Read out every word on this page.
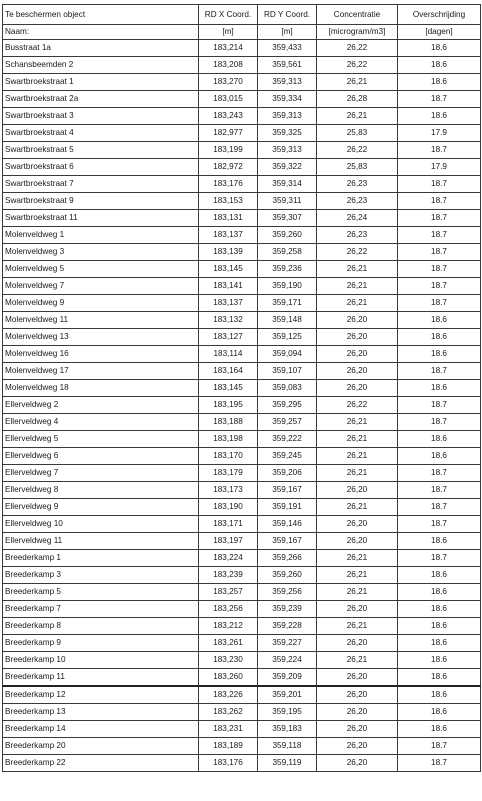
Te beschermen object	RD X Coord.	RD Y Coord.	Concentratie	Overschrijding
Naam:	[m]	[m]	[microgram/m3]	[dagen]
Busstraat 1a	183,214	359,433	26,22	18.6
Schansbeemden 2	183,208	359,561	26,22	18.6
Swartbroekstraat 1	183,270	359,313	26,21	18.6
Swartbroekstraat 2a	183,015	359,334	26,28	18.7
Swartbroekstraat 3	183,243	359,313	26,21	18.6
Swartbroekstraat 4	182,977	359,325	25,83	17.9
Swartbroekstraat 5	183,199	359,313	26,22	18.7
Swartbroekstraat 6	182,972	359,322	25,83	17.9
Swartbroekstraat 7	183,176	359,314	26,23	18.7
Swartbroekstraat 9	183,153	359,311	26,23	18.7
Swartbroekstraat 11	183,131	359,307	26,24	18.7
Molenveldweg 1	183,137	359,260	26,23	18.7
Molenveldweg 3	183,139	359,258	26,22	18.7
Molenveldweg 5	183,145	359,236	26,21	18.7
Molenveldweg 7	183,141	359,190	26,21	18.7
Molenveldweg 9	183,137	359,171	26,21	18.7
Molenveldweg 11	183,132	359,148	26,20	18.6
Molenveldweg 13	183,127	359,125	26,20	18.6
Molenveldweg 16	183,114	359,094	26,20	18.6
Molenveldweg 17	183,164	359,107	26,20	18.7
Molenveldweg 18	183,145	359,083	26,20	18.6
Ellerveldweg 2	183,195	359,295	26,22	18.7
Ellerveldweg 4	183,188	359,257	26,21	18.7
Ellerveldweg 5	183,198	359,222	26,21	18.6
Ellerveldweg 6	183,170	359,245	26,21	18.6
Ellerveldweg 7	183,179	359,206	26,21	18.7
Ellerveldweg 8	183,173	359,167	26,20	18.7
Ellerveldweg 9	183,190	359,191	26,21	18.7
Ellerveldweg 10	183,171	359,146	26,20	18.7
Ellerveldweg 11	183,197	359,167	26,20	18.6
Breederkamp 1	183,224	359,266	26,21	18.7
Breederkamp 3	183,239	359,260	26,21	18.6
Breederkamp 5	183,257	359,256	26,21	18.6
Breederkamp 7	183,256	359,239	26,20	18.6
Breederkamp 8	183,212	359,228	26,21	18.6
Breederkamp 9	183,261	359,227	26,20	18.6
Breederkamp 10	183,230	359,224	26,21	18.6
Breederkamp 11	183,260	359,209	26,20	18.6
Breederkamp 12	183,226	359,201	26,20	18.6
Breederkamp 13	183,262	359,195	26,20	18.6
Breederkamp 14	183,231	359,183	26,20	18.6
Breederkamp 20	183,189	359,118	26,20	18.7
Breederkamp 22	183,176	359,119	26,20	18.7
